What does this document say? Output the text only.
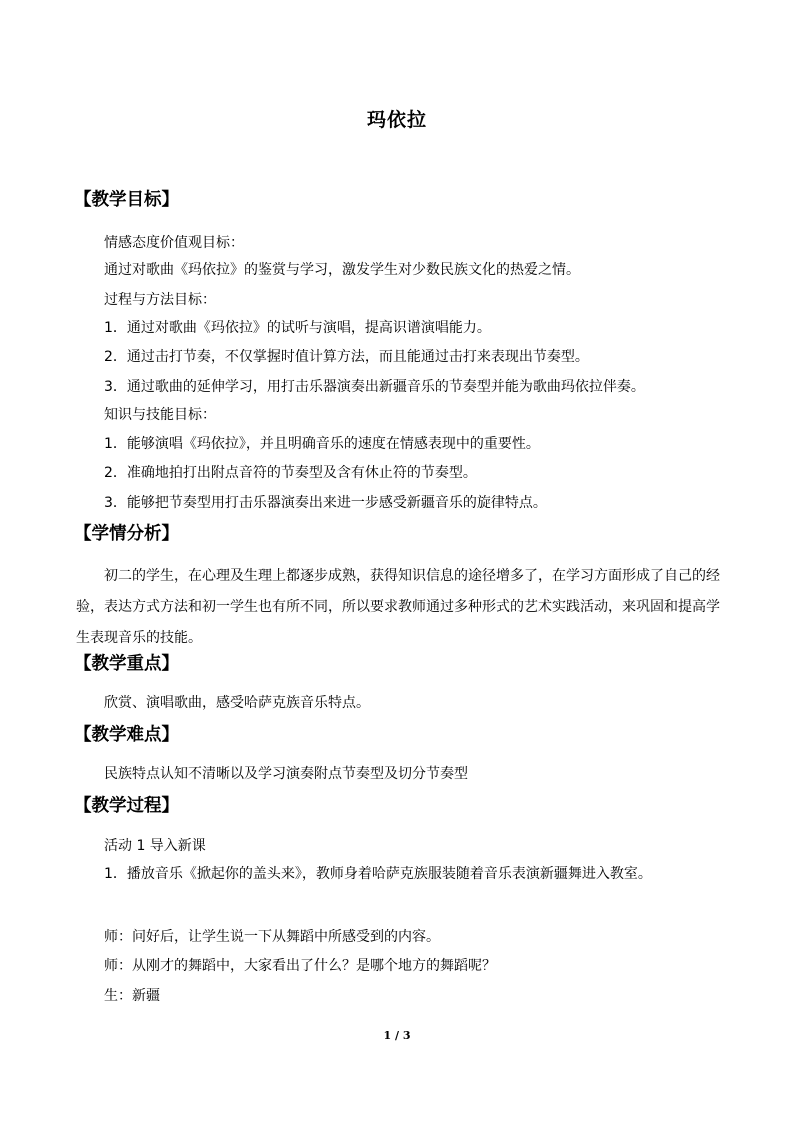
玛依拉
【教学目标】
情感态度价值观目标：
通过对歌曲《玛依拉》的鉴赏与学习，激发学生对少数民族文化的热爱之情。
过程与方法目标：
1．通过对歌曲《玛依拉》的试听与演唱，提高识谱演唱能力。
2．通过击打节奏，不仅掌握时值计算方法，而且能通过击打来表现出节奏型。
3．通过歌曲的延伸学习，用打击乐器演奏出新疆音乐的节奏型并能为歌曲玛依拉伴奏。
知识与技能目标：
1．能够演唱《玛依拉》，并且明确音乐的速度在情感表现中的重要性。
2．准确地拍打出附点音符的节奏型及含有休止符的节奏型。
3．能够把节奏型用打击乐器演奏出来进一步感受新疆音乐的旋律特点。
【学情分析】
初二的学生，在心理及生理上都逐步成熟，获得知识信息的途径增多了，在学习方面形成了自己的经验，表达方式方法和初一学生也有所不同，所以要求教师通过多种形式的艺术实践活动，来巩固和提高学生表现音乐的技能。
【教学重点】
欣赏、演唱歌曲，感受哈萨克族音乐特点。
【教学难点】
民族特点认知不清晰以及学习演奏附点节奏型及切分节奏型
【教学过程】
活动 1 导入新课
1．播放音乐《掀起你的盖头来》，教师身着哈萨克族服装随着音乐表演新疆舞进入教室。
师：问好后，让学生说一下从舞蹈中所感受到的内容。
师：从刚才的舞蹈中，大家看出了什么？是哪个地方的舞蹈呢？
生：新疆
1 / 3
